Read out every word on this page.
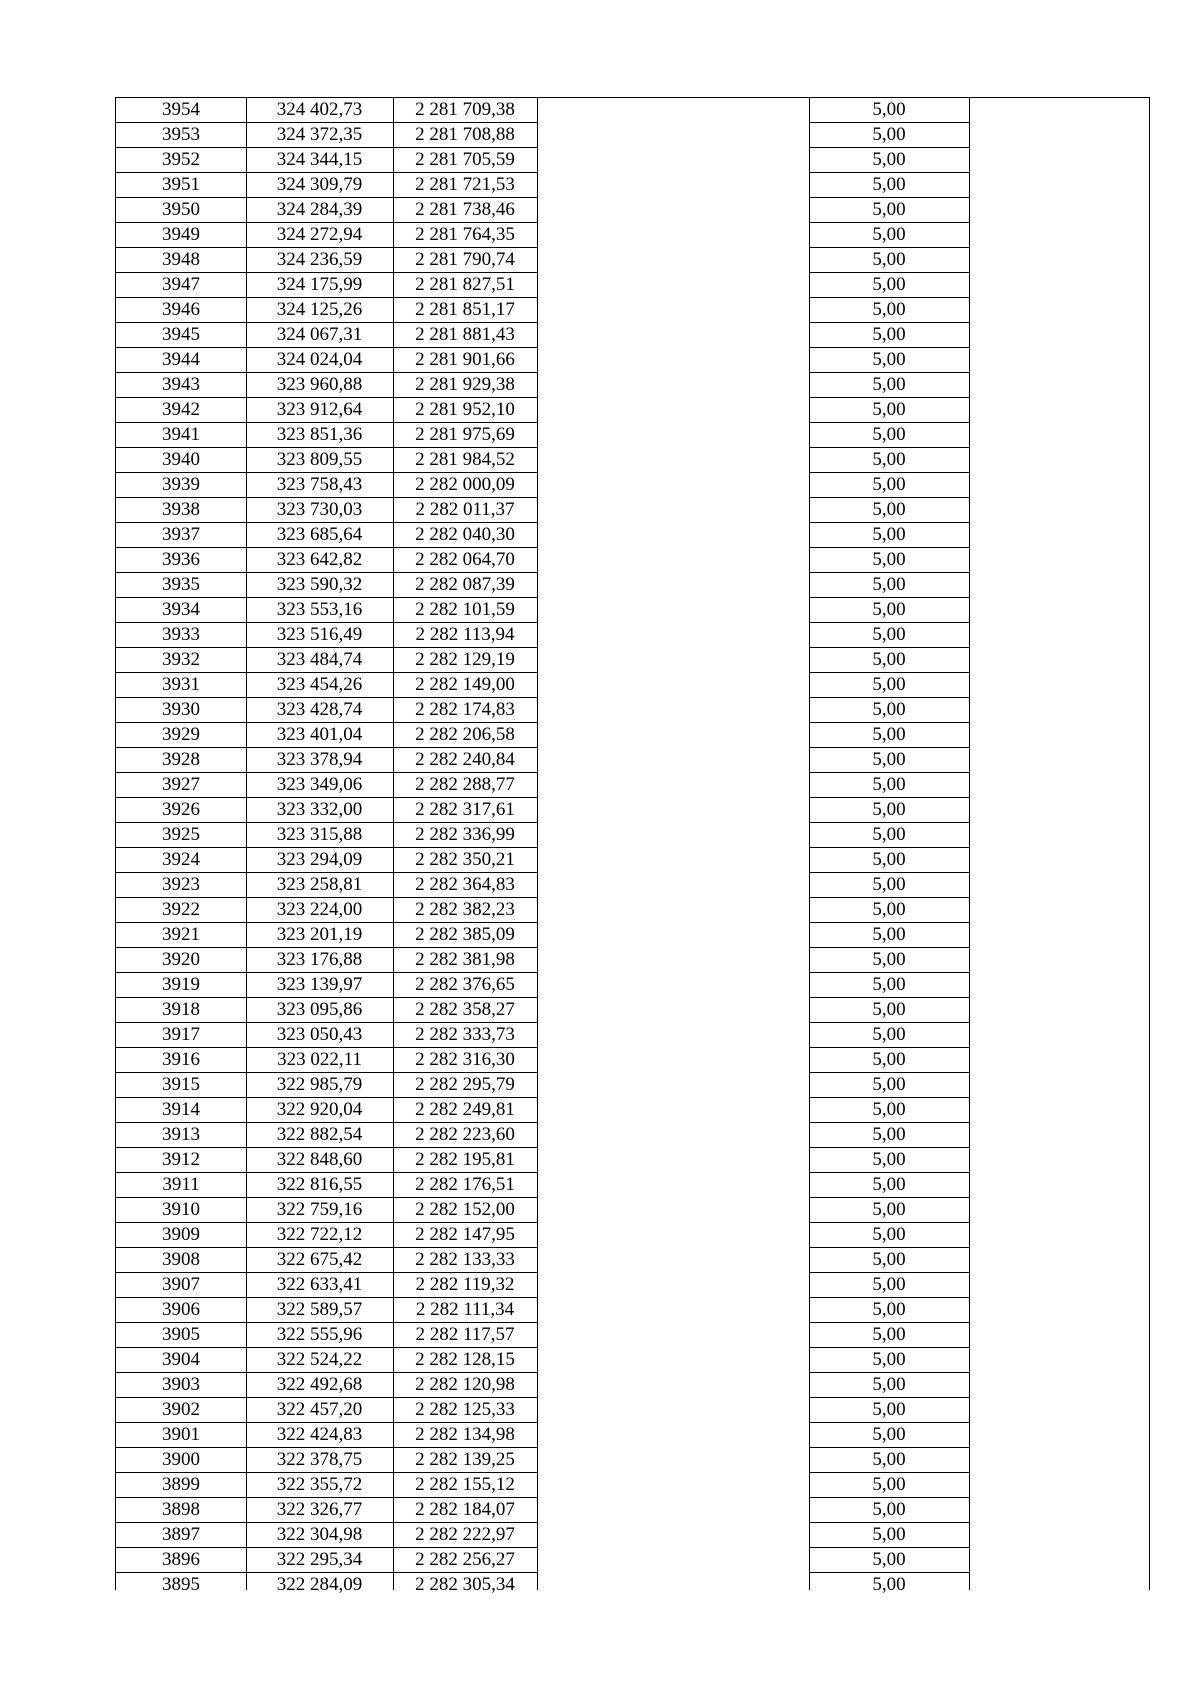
3954	324 402,73	2 281 709,38	5,00
3953	324 372,35	2 281 708,88	5,00
3952	324 344,15	2 281 705,59	5,00
3951	324 309,79	2 281 721,53	5,00
3950	324 284,39	2 281 738,46	5,00
3949	324 272,94	2 281 764,35	5,00
3948	324 236,59	2 281 790,74	5,00
3947	324 175,99	2 281 827,51	5,00
3946	324 125,26	2 281 851,17	5,00
3945	324 067,31	2 281 881,43	5,00
3944	324 024,04	2 281 901,66	5,00
3943	323 960,88	2 281 929,38	5,00
3942	323 912,64	2 281 952,10	5,00
3941	323 851,36	2 281 975,69	5,00
3940	323 809,55	2 281 984,52	5,00
3939	323 758,43	2 282 000,09	5,00
3938	323 730,03	2 282 011,37	5,00
3937	323 685,64	2 282 040,30	5,00
3936	323 642,82	2 282 064,70	5,00
3935	323 590,32	2 282 087,39	5,00
3934	323 553,16	2 282 101,59	5,00
3933	323 516,49	2 282 113,94	5,00
3932	323 484,74	2 282 129,19	5,00
3931	323 454,26	2 282 149,00	5,00
3930	323 428,74	2 282 174,83	5,00
3929	323 401,04	2 282 206,58	5,00
3928	323 378,94	2 282 240,84	5,00
3927	323 349,06	2 282 288,77	5,00
3926	323 332,00	2 282 317,61	5,00
3925	323 315,88	2 282 336,99	5,00
3924	323 294,09	2 282 350,21	5,00
3923	323 258,81	2 282 364,83	5,00
3922	323 224,00	2 282 382,23	5,00
3921	323 201,19	2 282 385,09	5,00
3920	323 176,88	2 282 381,98	5,00
3919	323 139,97	2 282 376,65	5,00
3918	323 095,86	2 282 358,27	5,00
3917	323 050,43	2 282 333,73	5,00
3916	323 022,11	2 282 316,30	5,00
3915	322 985,79	2 282 295,79	5,00
3914	322 920,04	2 282 249,81	5,00
3913	322 882,54	2 282 223,60	5,00
3912	322 848,60	2 282 195,81	5,00
3911	322 816,55	2 282 176,51	5,00
3910	322 759,16	2 282 152,00	5,00
3909	322 722,12	2 282 147,95	5,00
3908	322 675,42	2 282 133,33	5,00
3907	322 633,41	2 282 119,32	5,00
3906	322 589,57	2 282 111,34	5,00
3905	322 555,96	2 282 117,57	5,00
3904	322 524,22	2 282 128,15	5,00
3903	322 492,68	2 282 120,98	5,00
3902	322 457,20	2 282 125,33	5,00
3901	322 424,83	2 282 134,98	5,00
3900	322 378,75	2 282 139,25	5,00
3899	322 355,72	2 282 155,12	5,00
3898	322 326,77	2 282 184,07	5,00
3897	322 304,98	2 282 222,97	5,00
3896	322 295,34	2 282 256,27	5,00
3895	322 284,09	2 282 305,34	5,00
